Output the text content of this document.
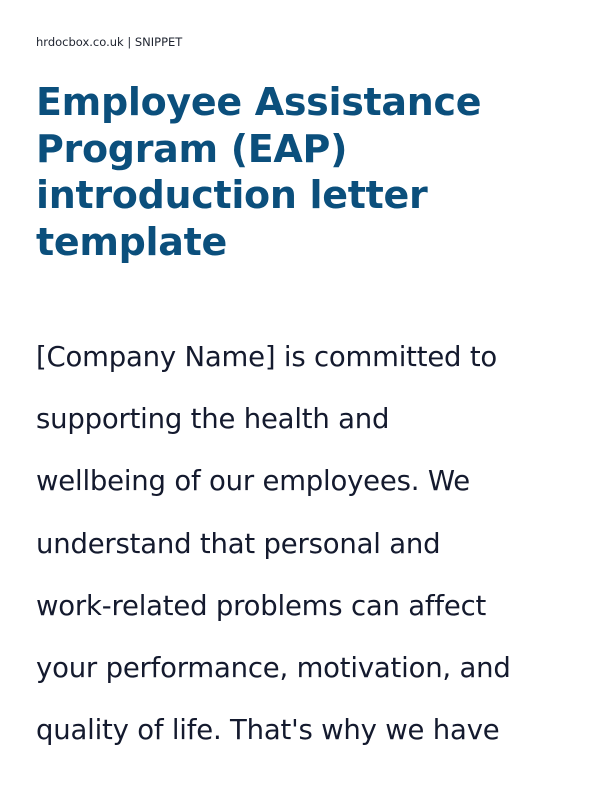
hrdocbox.co.uk | SNIPPET
Employee Assistance
Program (EAP)
introduction letter
template

[Company Name] is committed to
supporting the health and
wellbeing of our employees. We
understand that personal and
work-related problems can affect
your performance, motivation, and
quality of life. That's why we have
